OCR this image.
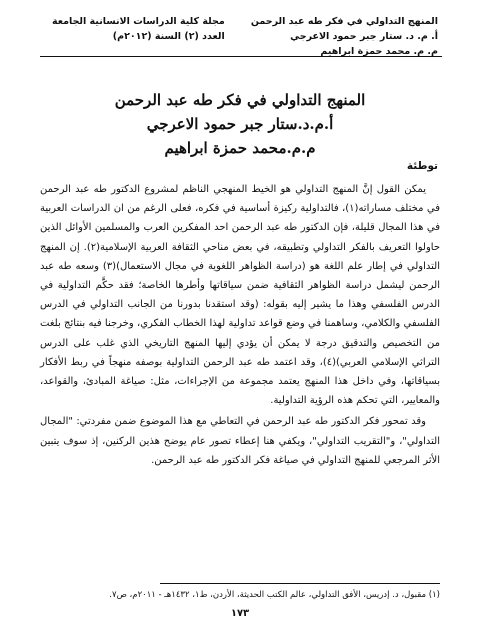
المنهج التداولي في فكر طه عبد الرحمن
أ. م. د. ستار جبر حمود الاعرجي
م. م. محمد حمزة ابراهيم
مجلة كلية الدراسات الانسانية الجامعة
العدد (٢) السنة (٢٠١٢م)
المنهج التداولي في فكر طه عبد الرحمن
أ.م.د.ستار جبر حمود الاعرجي
م.م.محمد حمزة ابراهيم
توطئة

يمكن القول إنَّ المنهج التداولي هو الخيط المنهجي الناظم لمشروع الدكتور طه عبد الرحمن في مختلف مساراته(١)، فالتداولية ركيزة أساسية في فكره، فعلى الرغم من ان الدراسات العربية في هذا المجال قليلة، فإن الدكتور طه عبد الرحمن احد المفكرين العرب والمسلمين الأوائل الذين حاولوا التعريف بالفكر التداولي وتطبيقه، في بعض مناحي الثقافة العربية الإسلامية(٢). إن المنهج التداولي في إطار علم اللغة هو (دراسة الظواهر اللغوية في مجال الاستعمال)(٣) وسعه طه عبد الرحمن ليشمل دراسة الظواهر الثقافية ضمن سياقاتها وأطرها الخاصة؛ فقد حكَّم التداولية في الدرس الفلسفي وهذا ما يشير إليه بقوله: (وقد استقدنا بدورنا من الجانب التداولي في الدرس الفلسفي والكلامي، وساهمنا في وضع قواعد تداولية لهذا الخطاب الفكري، وخرجنا فيه بنتائج بلغت من التخصيص والتدقيق درجة لا يمكن أن يؤدي إليها المنهج التاريخي الذي غلب على الدرس التراثي الإسلامي العربي)(٤)، وقد اعتمد طه عبد الرحمن التداولية بوصفه منهجاً في ربط الأفكار بسياقاتها، وفي داخل هذا المنهج يعتمد مجموعة من الإجراءات، مثل: صياغة المبادئ، والقواعد، والمعايير، التي تحكم هذه الرؤية التداولية.

وقد تمحور فكر الدكتور طه عبد الرحمن في التعاطي مع هذا الموضوع ضمن مفردتي: "المجال التداولي"، و"التقريب التداولي"، ويكفي هنا إعطاء تصور عام يوضح هذين الركنين، إذ سوف يتبين الأثر المرجعي للمنهج التداولي في صياغة فكر الدكتور طه عبد الرحمن.

(١) مقبول، د. إدريس، الأفق التداولي، عالم الكتب الحديثة، الأردن، ط١، ١٤٣٢هـ - ٢٠١١م، ص٧.
١٧٣
